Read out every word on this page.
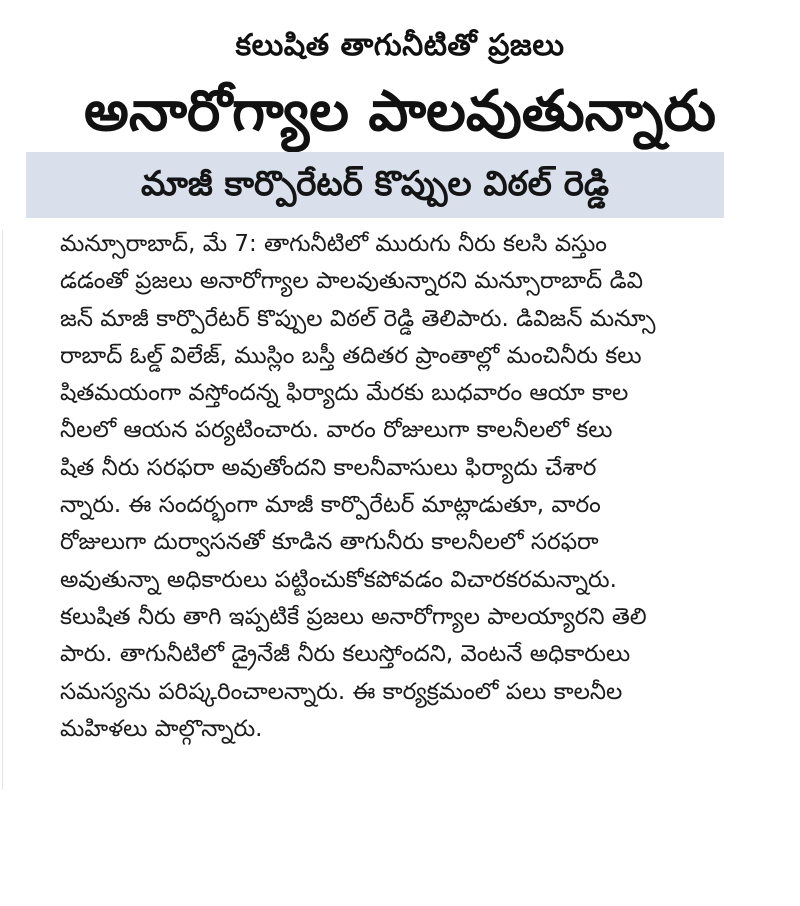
కలుషిత తాగునీటితో ప్రజలు
అనారోగ్యాల పాలవుతున్నారు
మాజీ కార్పొరేటర్ కొప్పుల విఠల్ రెడ్డి
మన్సూరాబాద్, మే 7: తాగునీటిలో మురుగు నీరు కలసి వస్తుం
డడంతో ప్రజలు అనారోగ్యాల పాలవుతున్నారని మన్సూరాబాద్ డివి
జన్ మాజీ కార్పొరేటర్ కొప్పుల విఠల్ రెడ్డి తెలిపారు. డివిజన్ మన్సూ
రాబాద్ ఓల్డ్ విలేజ్, ముస్లిం బస్తీ తదితర ప్రాంతాల్లో మంచినీరు కలు
షితమయంగా వస్తోందన్న ఫిర్యాదు మేరకు బుధవారం ఆయా కాల
నీలలో ఆయన పర్యటించారు. వారం రోజులుగా కాలనీలలో కలు
షిత నీరు సరఫరా అవుతోందని కాలనీవాసులు ఫిర్యాదు చేశార
న్నారు. ఈ సందర్భంగా మాజీ కార్పొరేటర్ మాట్లాడుతూ, వారం
రోజులుగా దుర్వాసనతో కూడిన తాగునీరు కాలనీలలో సరఫరా
అవుతున్నా అధికారులు పట్టించుకోకపోవడం విచారకరమన్నారు.
కలుషిత నీరు తాగి ఇప్పటికే ప్రజలు అనారోగ్యాల పాలయ్యారని తెలి
పారు. తాగునీటిలో డ్రైనేజీ నీరు కలుస్తోందని, వెంటనే అధికారులు
సమస్యను పరిష్కరించాలన్నారు. ఈ కార్యక్రమంలో పలు కాలనీల
మహిళలు పాల్గొన్నారు.
